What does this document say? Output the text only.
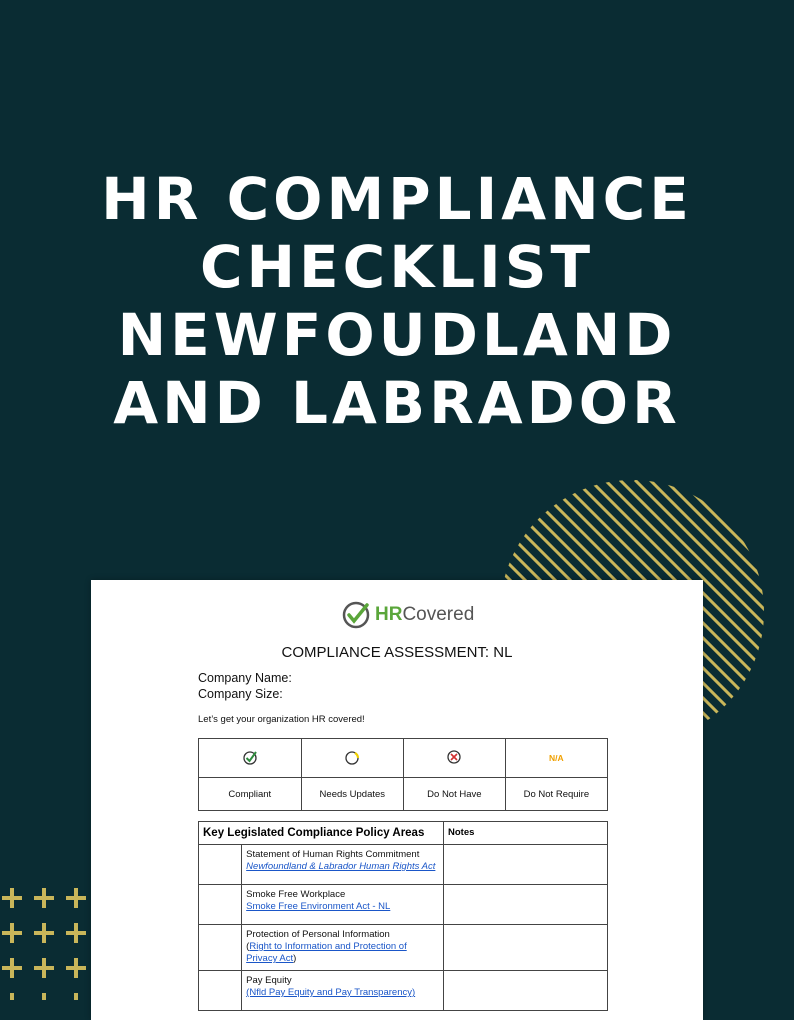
HR COMPLIANCE
CHECKLIST
NEWFOUDLAND
AND LABRADOR
HRCovered
COMPLIANCE ASSESSMENT: NL
Company Name:
Company Size:
Let’s get your organization HR covered!
			N/A
Compliant	Needs Updates	Do Not Have	Do Not Require
Key Legislated Compliance Policy Areas		Notes

	Statement of Human Rights Commitment
Newfoundland & Labrador Human Rights Act	

	Smoke Free Workplace
Smoke Free Environment Act - NL	

	Protection of Personal Information
(Right to Information and Protection of Privacy Act)	

	Pay Equity
(Nfld Pay Equity and Pay Transparency)	
